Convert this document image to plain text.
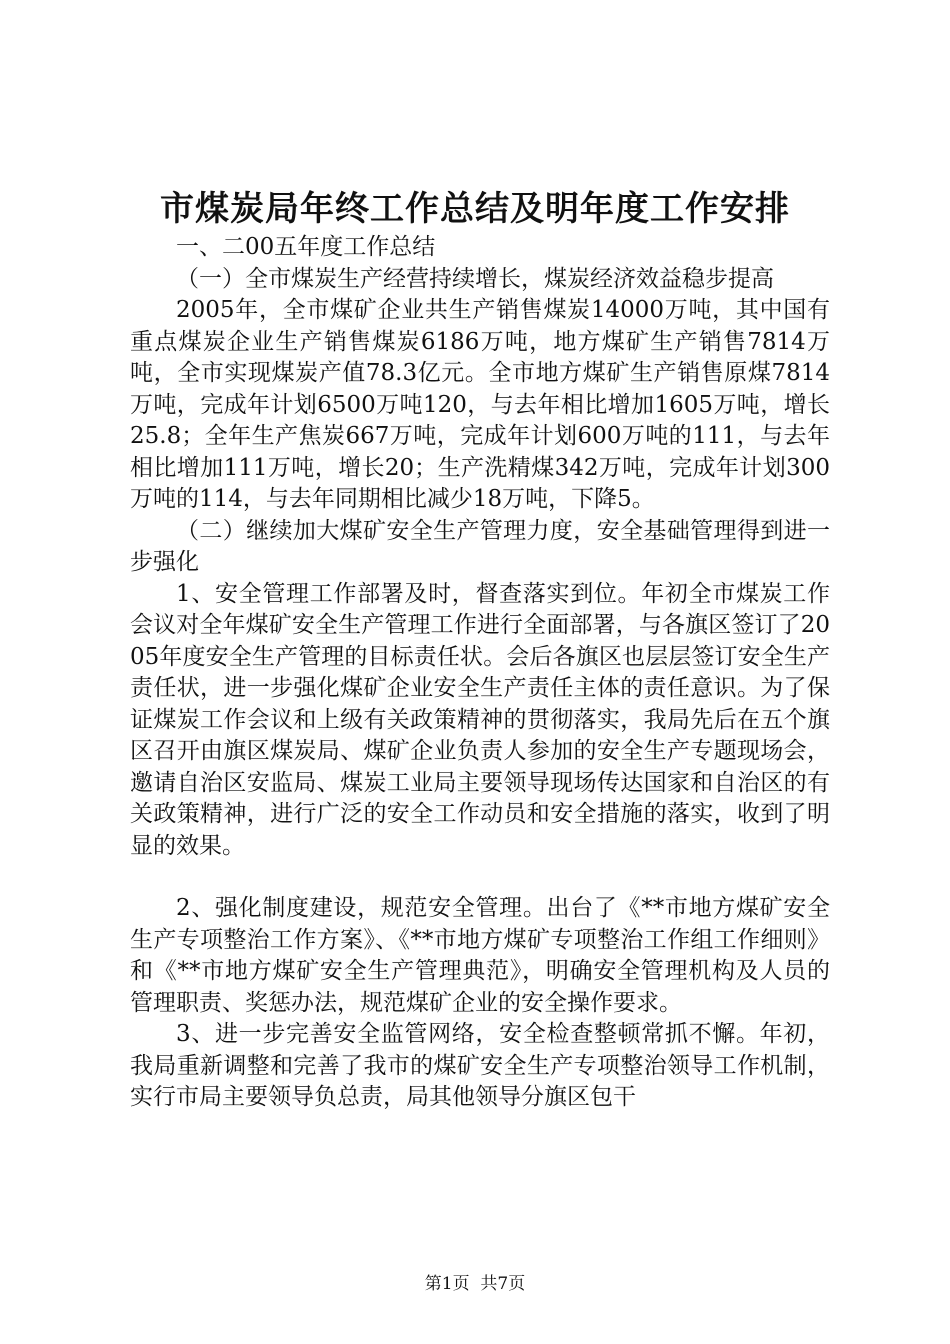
市煤炭局年终工作总结及明年度工作安排

一、二00五年度工作总结

（一）全市煤炭生产经营持续增长，煤炭经济效益稳步提高

2005年，全市煤矿企业共生产销售煤炭14000万吨，其中国有重点煤炭企业生产销售煤炭6186万吨，地方煤矿生产销售7814万吨，全市实现煤炭产值78.3亿元。全市地方煤矿生产销售原煤7814万吨，完成年计划6500万吨120，与去年相比增加1605万吨，增长25.8；全年生产焦炭667万吨，完成年计划600万吨的111，与去年相比增加111万吨，增长20；生产洗精煤342万吨，完成年计划300万吨的114，与去年同期相比减少18万吨，下降5。

（二）继续加大煤矿安全生产管理力度，安全基础管理得到进一步强化

1、安全管理工作部署及时，督查落实到位。年初全市煤炭工作会议对全年煤矿安全生产管理工作进行全面部署，与各旗区签订了2005年度安全生产管理的目标责任状。会后各旗区也层层签订安全生产责任状，进一步强化煤矿企业安全生产责任主体的责任意识。为了保证煤炭工作会议和上级有关政策精神的贯彻落实，我局先后在五个旗区召开由旗区煤炭局、煤矿企业负责人参加的安全生产专题现场会，邀请自治区安监局、煤炭工业局主要领导现场传达国家和自治区的有关政策精神，进行广泛的安全工作动员和安全措施的落实，收到了明显的效果。

2、强化制度建设，规范安全管理。出台了《**市地方煤矿安全生产专项整治工作方案》、《**市地方煤矿专项整治工作组工作细则》和《**市地方煤矿安全生产管理典范》，明确安全管理机构及人员的管理职责、奖惩办法，规范煤矿企业的安全操作要求。

3、进一步完善安全监管网络，安全检查整顿常抓不懈。年初，我局重新调整和完善了我市的煤矿安全生产专项整治领导工作机制，实行市局主要领导负总责，局其他领导分旗区包干

第1页  共7页
